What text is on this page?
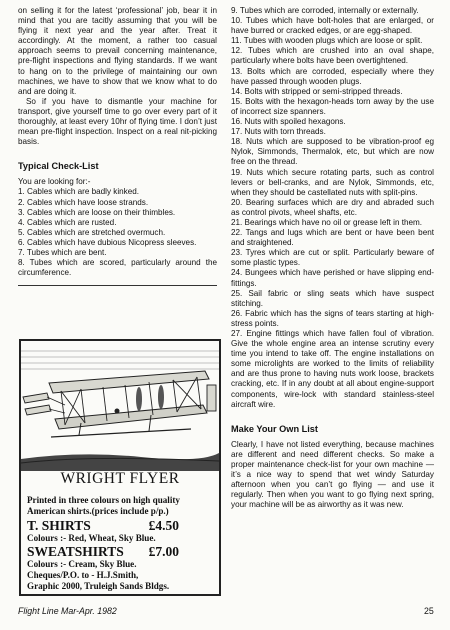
on selling it for the latest ‘professional’ job, bear it in mind that you are tacitly assuming that you will be flying it next year and the year after. Treat it accordingly. At the moment, a rather too casual approach seems to prevail concerning maintenance, pre-flight inspections and flying standards. If we want to hang on to the privilege of maintaining our own machines, we have to show that we know what to do and are doing it.

So if you have to dismantle your machine for transport, give yourself time to go over every part of it thoroughly, at least every 10hr of flying time. I don’t just mean pre-flight inspection. Inspect on a real nit-picking basis.

Typical Check-List

You are looking for:-

1. Cables which are badly kinked.
2. Cables which have loose strands.
3. Cables which are loose on their thimbles.
4. Cables which are rusted.
5. Cables which are stretched overmuch.
6. Cables which have dubious Nicopress sleeves.
7. Tubes which are bent.
8. Tubes which are scored, particularly around the circumference.
WRIGHT FLYER
Printed in three colours on high quality
American shirts.(prices include p/p.)
T. SHIRTS	£4.50
Colours :- Red, Wheat, Sky Blue.
SWEATSHIRTS £7.00
Colours :- Cream, Sky Blue.
Cheques/P.O. to - H.J.Smith,
Graphic 2000, Truleigh Sands Bldgs.
9. Tubes which are corroded, internally or externally.
10. Tubes which have bolt-holes that are enlarged, or have burred or cracked edges, or are egg-shaped.
11. Tubes with wooden plugs which are loose or split.
12. Tubes which are crushed into an oval shape, particularly where bolts have been overtightened.
13. Bolts which are corroded, especially where they have passed through wooden plugs.
14. Bolts with stripped or semi-stripped threads.
15. Bolts with the hexagon-heads torn away by the use of incorrect size spanners.
16. Nuts with spoiled hexagons.
17. Nuts with torn threads.
18. Nuts which are supposed to be vibration-proof eg Nylok, Simmonds, Thermalok, etc, but which are now free on the thread.
19. Nuts which secure rotating parts, such as control levers or bell-cranks, and are Nylok, Simmonds, etc, when they should be castellated nuts with split-pins.
20. Bearing surfaces which are dry and abraded such as control pivots, wheel shafts, etc.
21. Bearings which have no oil or grease left in them.
22. Tangs and lugs which are bent or have been bent and straightened.
23. Tyres which are cut or split. Particularly beware of some plastic types.
24. Bungees which have perished or have slipping end-fittings.
25. Sail fabric or sling seats which have suspect stitching.
26. Fabric which has the signs of tears starting at high-stress points.
27. Engine fittings which have fallen foul of vibration. Give the whole engine area an intense scrutiny every time you intend to take off. The engine installations on some microlights are worked to the limits of reliability and are thus prone to having nuts work loose, brackets cracking, etc. If in any doubt at all about engine-support components, wire-lock with standard stainless-steel aircraft wire.
Make Your Own List

Clearly, I have not listed everything, because machines are different and need different checks. So make a proper maintenance check-list for your own machine — it’s a nice way to spend that wet windy Saturday afternoon when you can’t go flying — and use it regularly. Then when you want to go flying next spring, your machine will be as airworthy as it was new.

Flight Line Mar-Apr. 1982	25
